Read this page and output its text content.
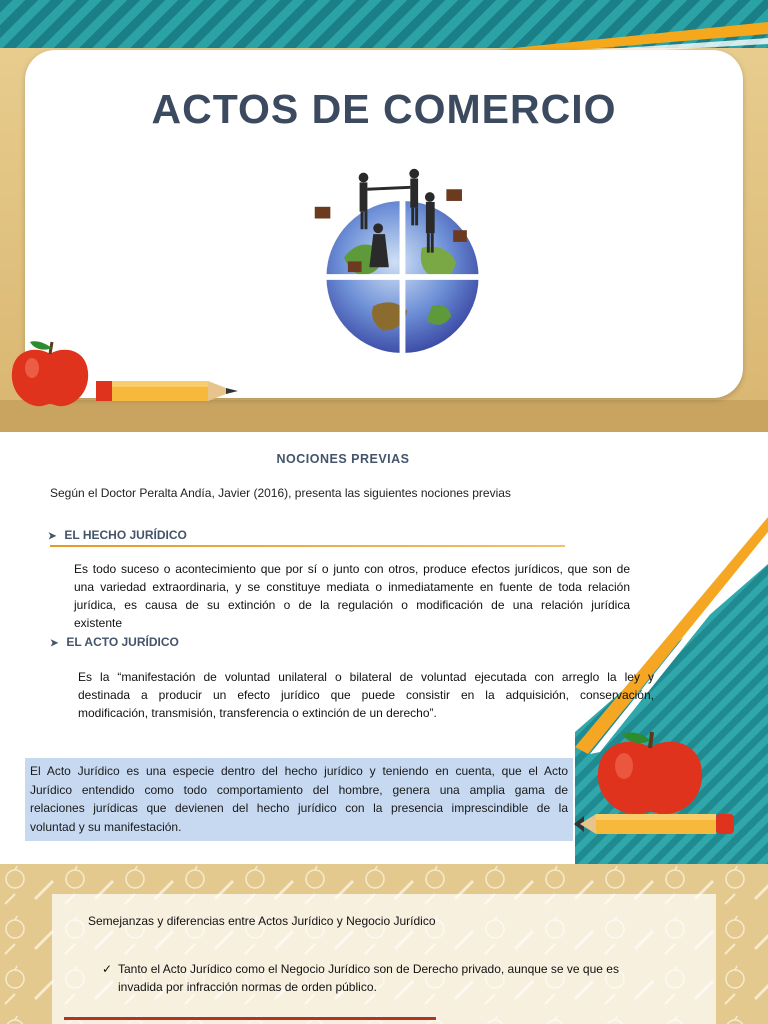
ACTOS DE COMERCIO
NOCIONES PREVIAS
Según el Doctor Peralta Andía, Javier (2016), presenta las siguientes nociones previas
➤ EL HECHO JURÍDICO

Es todo suceso o acontecimiento que por sí o junto con otros, produce efectos jurídicos, que son de

una variedad extraordinaria, y se constituye mediata o inmediatamente en fuente de toda relación

jurídica, es causa de su extinción o de la regulación o modificación de una relación jurídica

existente

➤ EL ACTO JURÍDICO

Es la “manifestación de voluntad unilateral o bilateral de voluntad ejecutada con arreglo la ley y

destinada a producir un efecto jurídico que puede consistir en la adquisición, conservación,

modificación, transmisión, transferencia o extinción de un derecho”.

El Acto Jurídico es una especie dentro del hecho jurídico y teniendo en cuenta, que el Acto
Jurídico entendido como todo comportamiento del hombre, genera una amplia gama de
relaciones jurídicas que devienen del hecho jurídico con la presencia imprescindible de la
voluntad y su manifestación.

Semejanzas y diferencias entre Actos Jurídico y Negocio Jurídico

✓ Tanto el Acto Jurídico como el Negocio Jurídico son de Derecho privado, aunque se ve que es
invadida por infracción normas de orden público.
